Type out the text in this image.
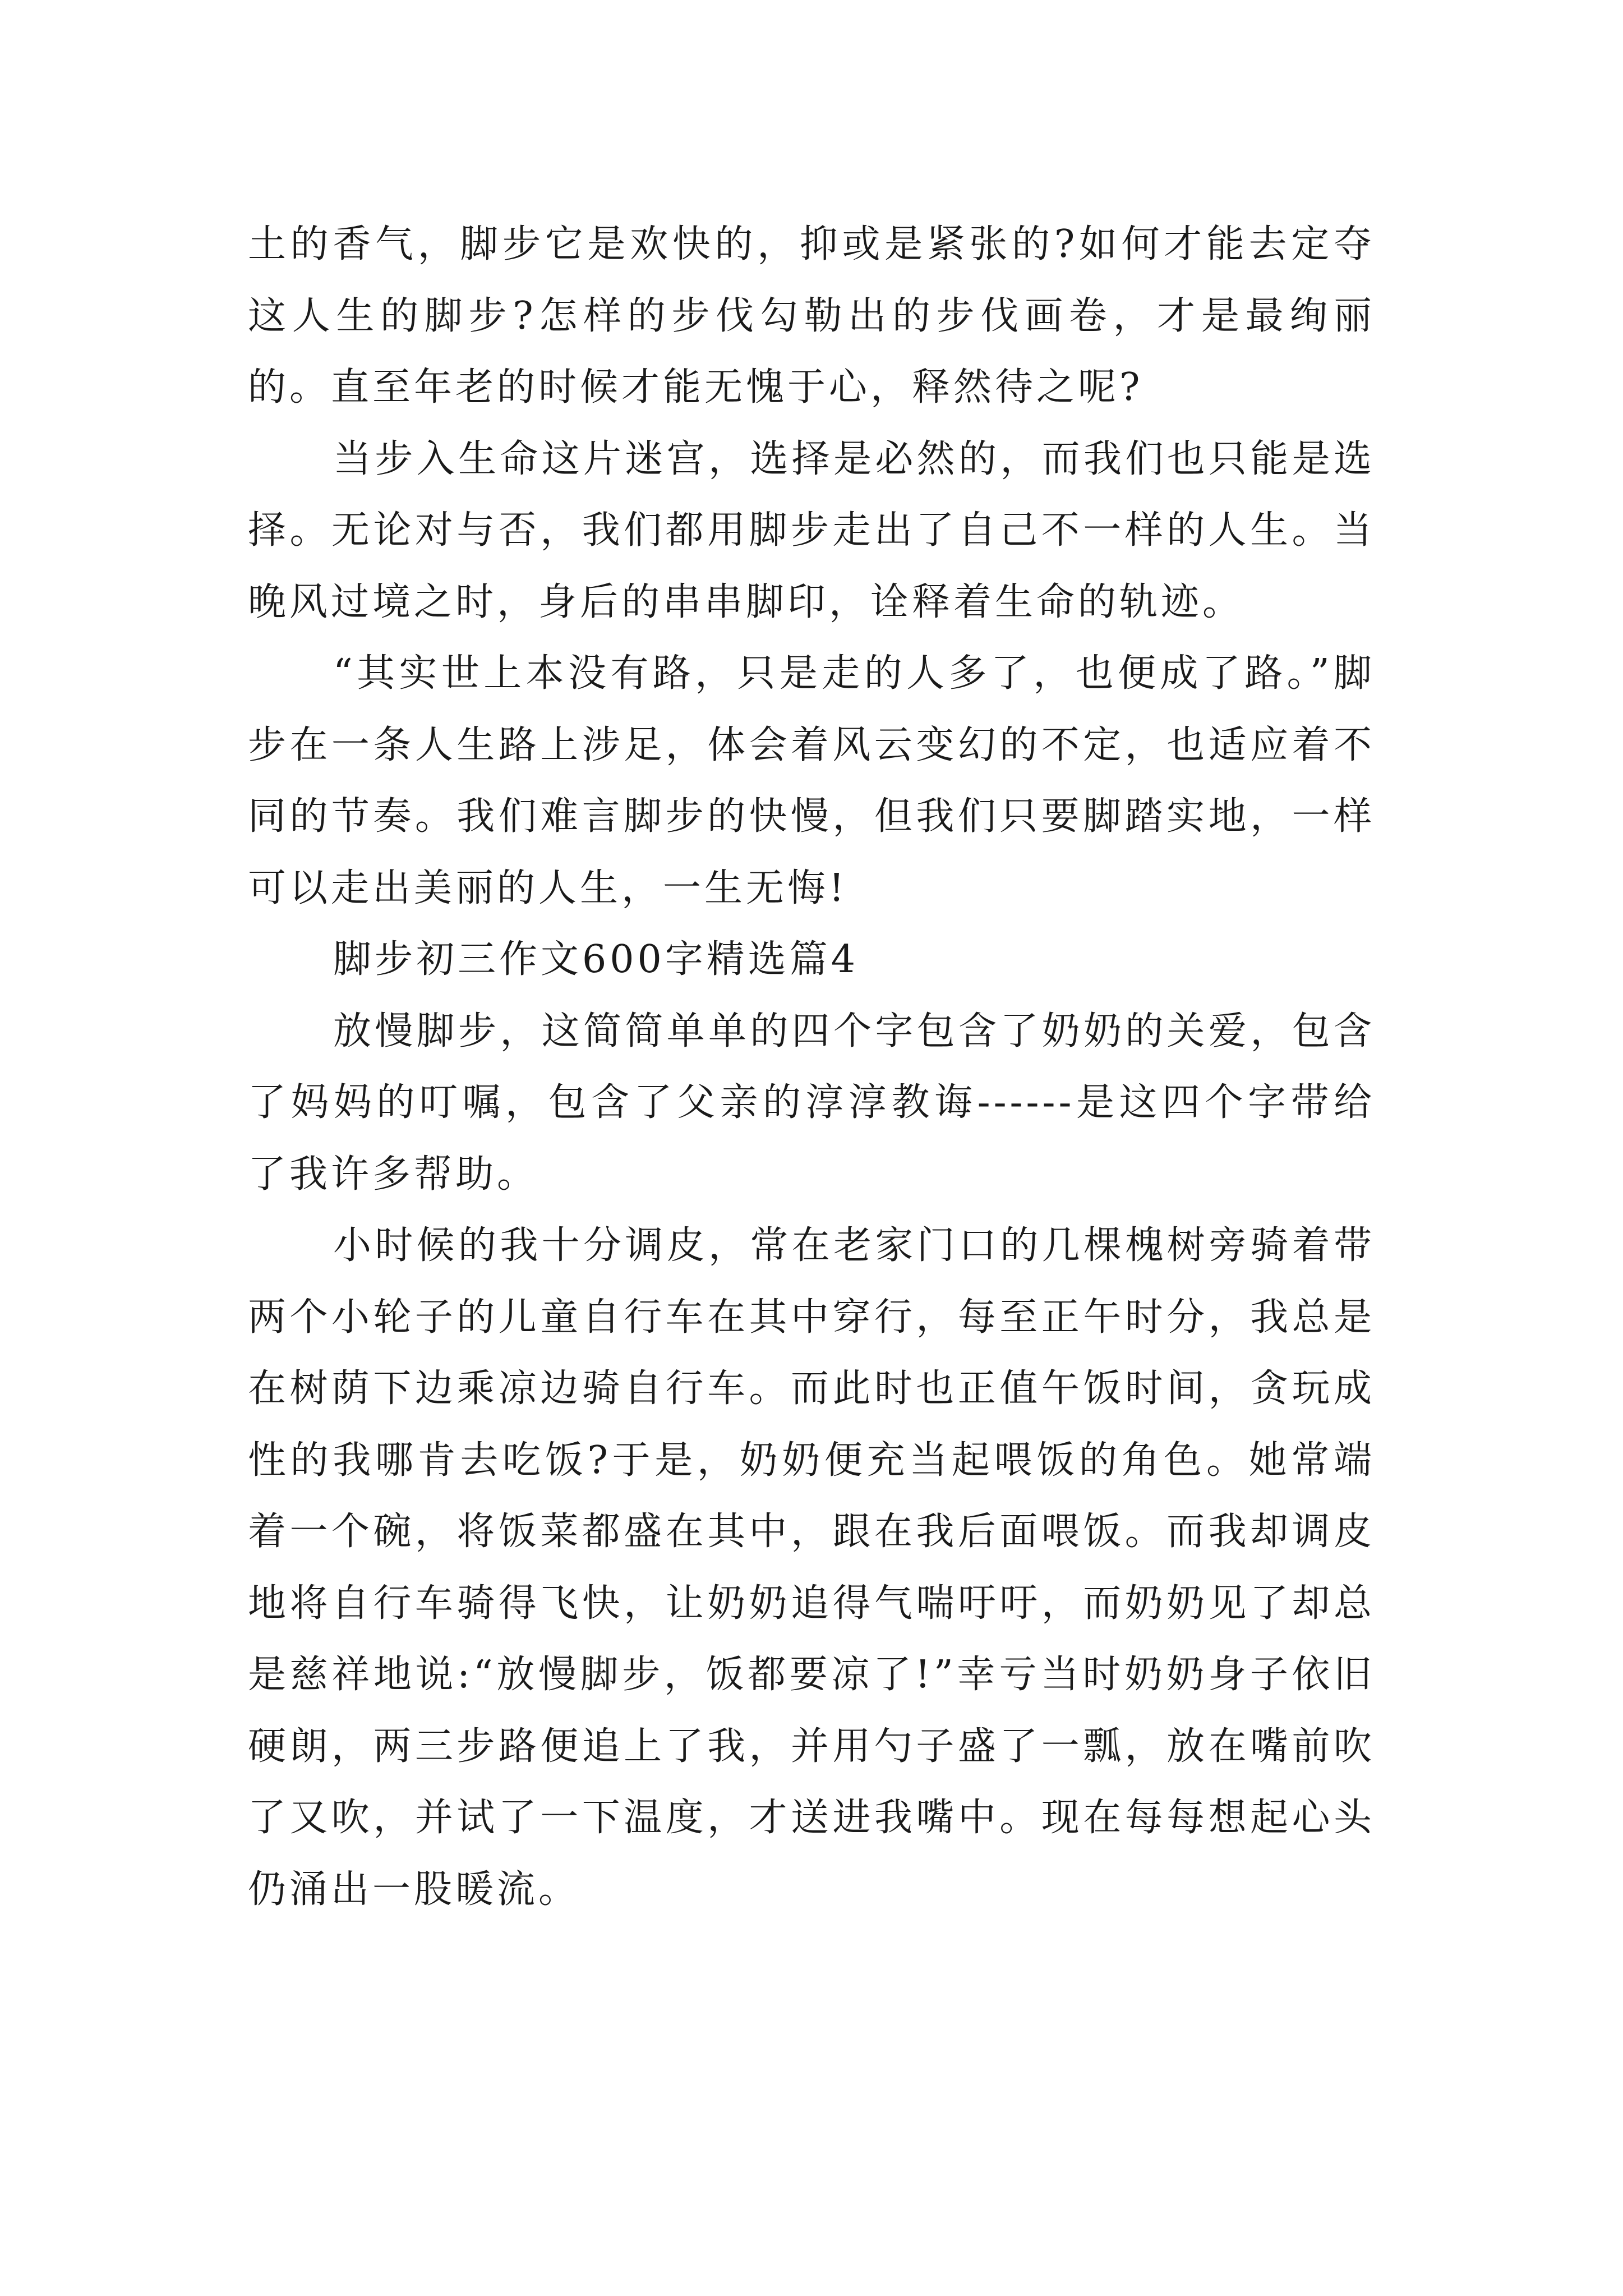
土的香气，脚步它是欢快的，抑或是紧张的?如何才能去定夺这人生的脚步?怎样的步伐勾勒出的步伐画卷，才是最绚丽的。直至年老的时候才能无愧于心，释然待之呢?

当步入生命这片迷宫，选择是必然的，而我们也只能是选择。无论对与否，我们都用脚步走出了自己不一样的人生。当晚风过境之时，身后的串串脚印，诠释着生命的轨迹。

“其实世上本没有路，只是走的人多了，也便成了路。”脚步在一条人生路上涉足，体会着风云变幻的不定，也适应着不同的节奏。我们难言脚步的快慢，但我们只要脚踏实地，一样可以走出美丽的人生，一生无悔!

脚步初三作文600字精选篇4

放慢脚步，这简简单单的四个字包含了奶奶的关爱，包含了妈妈的叮嘱，包含了父亲的淳淳教诲------是这四个字带给了我许多帮助。

小时候的我十分调皮，常在老家门口的几棵槐树旁骑着带两个小轮子的儿童自行车在其中穿行，每至正午时分，我总是在树荫下边乘凉边骑自行车。而此时也正值午饭时间，贪玩成性的我哪肯去吃饭?于是，奶奶便充当起喂饭的角色。她常端着一个碗，将饭菜都盛在其中，跟在我后面喂饭。而我却调皮地将自行车骑得飞快，让奶奶追得气喘吁吁，而奶奶见了却总是慈祥地说:“放慢脚步，饭都要凉了!”幸亏当时奶奶身子依旧硬朗，两三步路便追上了我，并用勺子盛了一瓢，放在嘴前吹了又吹，并试了一下温度，才送进我嘴中。现在每每想起心头仍涌出一股暖流。
